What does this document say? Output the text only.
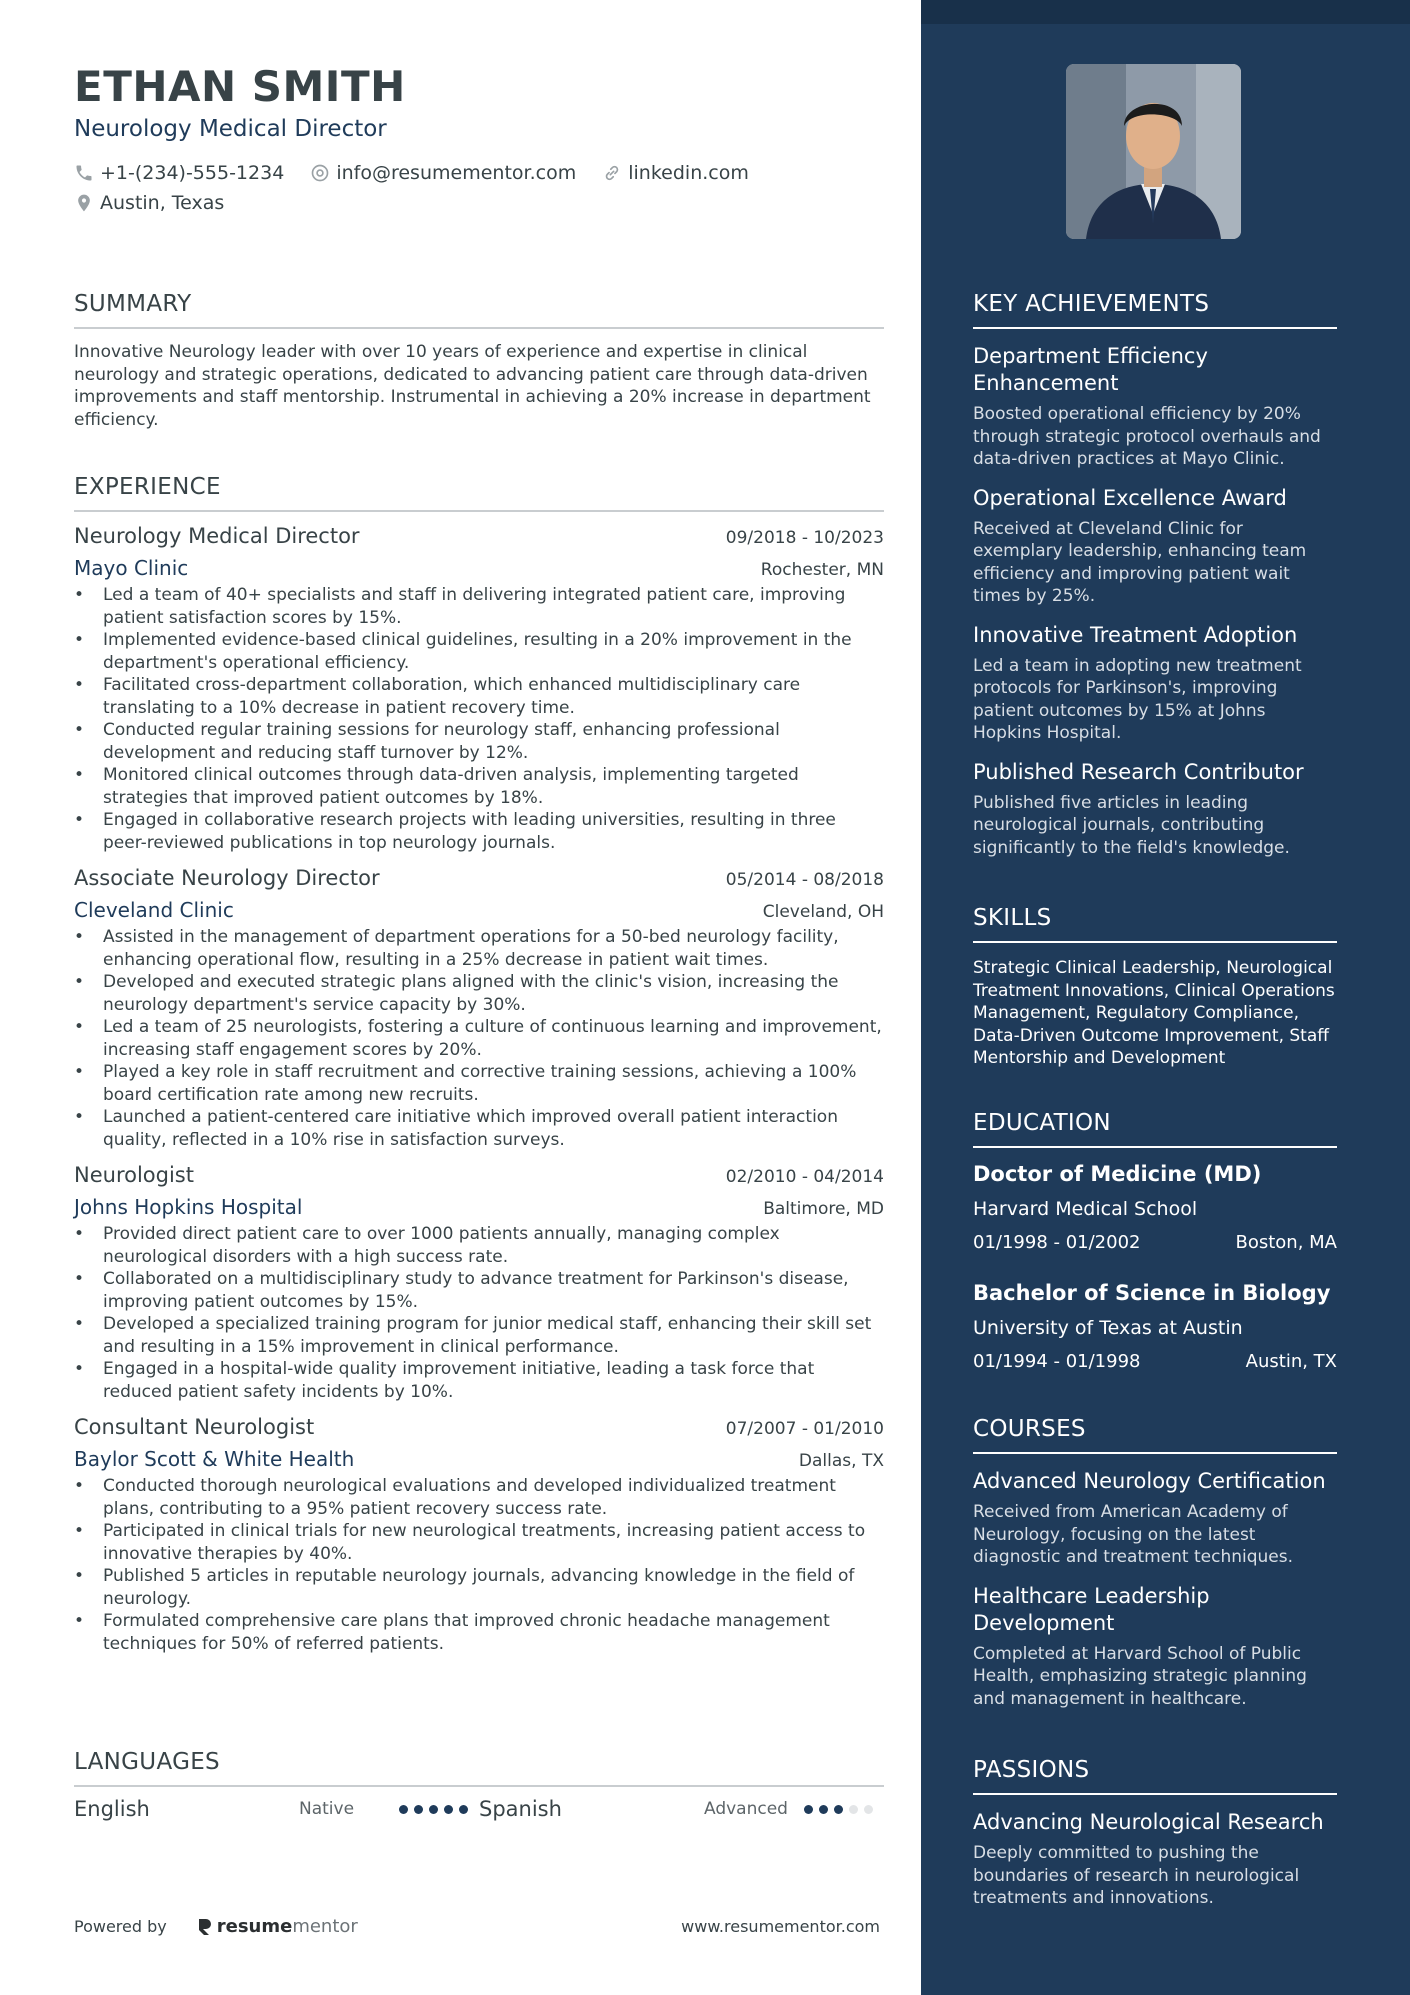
ETHAN SMITH
Neurology Medical Director
+1-(234)-555-1234
	info@resumementor.com
	linkedin.com
Austin, Texas
SUMMARY

Innovative Neurology leader with over 10 years of experience and expertise in clinical neurology and strategic operations, dedicated to advancing patient care through data-driven improvements and staff mentorship. Instrumental in achieving a 20% increase in department efficiency.

EXPERIENCE
Neurology Medical Director	09/2018 - 10/2023
Mayo Clinic	Rochester, MN
• Led a team of 40+ specialists and staff in delivering integrated patient care, improving patient satisfaction scores by 15%.
• Implemented evidence-based clinical guidelines, resulting in a 20% improvement in the department's operational efficiency.
• Facilitated cross-department collaboration, which enhanced multidisciplinary care translating to a 10% decrease in patient recovery time.
• Conducted regular training sessions for neurology staff, enhancing professional development and reducing staff turnover by 12%.
• Monitored clinical outcomes through data-driven analysis, implementing targeted strategies that improved patient outcomes by 18%.
• Engaged in collaborative research projects with leading universities, resulting in three peer-reviewed publications in top neurology journals.
Associate Neurology Director	05/2014 - 08/2018
Cleveland Clinic	Cleveland, OH
• Assisted in the management of department operations for a 50-bed neurology facility, enhancing operational flow, resulting in a 25% decrease in patient wait times.
• Developed and executed strategic plans aligned with the clinic's vision, increasing the neurology department's service capacity by 30%.
• Led a team of 25 neurologists, fostering a culture of continuous learning and improvement, increasing staff engagement scores by 20%.
• Played a key role in staff recruitment and corrective training sessions, achieving a 100% board certification rate among new recruits.
• Launched a patient-centered care initiative which improved overall patient interaction quality, reflected in a 10% rise in satisfaction surveys.
Neurologist	02/2010 - 04/2014
Johns Hopkins Hospital	Baltimore, MD
• Provided direct patient care to over 1000 patients annually, managing complex neurological disorders with a high success rate.
• Collaborated on a multidisciplinary study to advance treatment for Parkinson's disease, improving patient outcomes by 15%.
• Developed a specialized training program for junior medical staff, enhancing their skill set and resulting in a 15% improvement in clinical performance.
• Engaged in a hospital-wide quality improvement initiative, leading a task force that reduced patient safety incidents by 10%.
Consultant Neurologist	07/2007 - 01/2010
Baylor Scott & White Health	Dallas, TX
• Conducted thorough neurological evaluations and developed individualized treatment plans, contributing to a 95% patient recovery success rate.
• Participated in clinical trials for new neurological treatments, increasing patient access to innovative therapies by 40%.
• Published 5 articles in reputable neurology journals, advancing knowledge in the field of neurology.
• Formulated comprehensive care plans that improved chronic headache management techniques for 50% of referred patients.
LANGUAGES
English	Native	Spanish	Advanced
Powered by	resume mentor	www.resumementor.com
KEY ACHIEVEMENTS
Department Efficiency Enhancement
Boosted operational efficiency by 20% through strategic protocol overhauls and data-driven practices at Mayo Clinic.
Operational Excellence Award
Received at Cleveland Clinic for exemplary leadership, enhancing team efficiency and improving patient wait times by 25%.
Innovative Treatment Adoption
Led a team in adopting new treatment protocols for Parkinson's, improving patient outcomes by 15% at Johns Hopkins Hospital.
Published Research Contributor
Published five articles in leading neurological journals, contributing significantly to the field's knowledge.
SKILLS
Strategic Clinical Leadership, Neurological Treatment Innovations, Clinical Operations Management, Regulatory Compliance, Data-Driven Outcome Improvement, Staff Mentorship and Development
EDUCATION
Doctor of Medicine (MD)
Harvard Medical School
01/1998 - 01/2002	Boston, MA
Bachelor of Science in Biology
University of Texas at Austin
01/1994 - 01/1998	Austin, TX
COURSES
Advanced Neurology Certification
Received from American Academy of Neurology, focusing on the latest diagnostic and treatment techniques.
Healthcare Leadership Development
Completed at Harvard School of Public Health, emphasizing strategic planning and management in healthcare.
PASSIONS
Advancing Neurological Research
Deeply committed to pushing the boundaries of research in neurological treatments and innovations.
